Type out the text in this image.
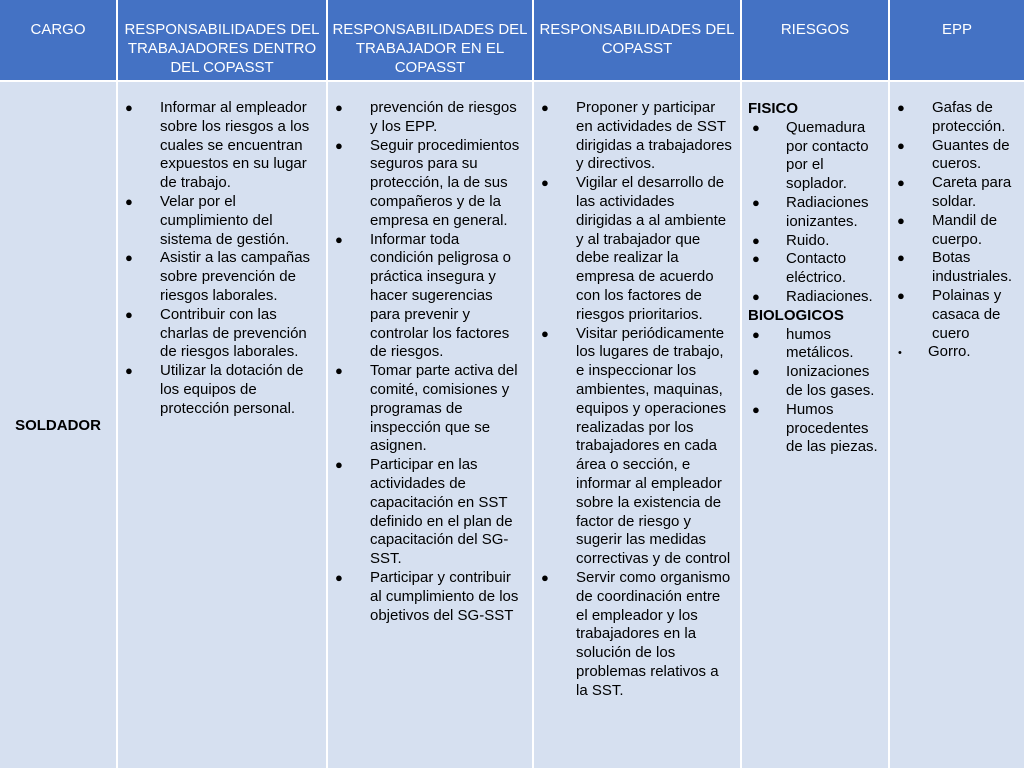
CARGO	RESPONSABILIDADES DEL TRABAJADORES DENTRO DEL COPASST
RESPONSABILIDADES DEL TRABAJADOR EN EL COPASST
RESPONSABILIDADES DEL COPASST
RIESGOS	EPP
SOLDADOR
● Informar al empleador sobre los riesgos a los cuales se encuentran expuestos en su lugar de trabajo.
● Velar por el cumplimiento del sistema de gestión.
● Asistir a las campañas sobre prevención de riesgos laborales.
● Contribuir con las charlas de prevención de riesgos laborales.
● Utilizar la dotación de los equipos de protección personal.
● prevención de riesgos y los EPP.
● Seguir procedimientos seguros para su protección, la de sus compañeros y de la empresa en general.
● Informar toda condición peligrosa o práctica insegura y hacer sugerencias para prevenir y controlar los factores de riesgos.
● Tomar parte activa del comité, comisiones y programas de inspección que se asignen.
● Participar en las actividades de capacitación en SST definido en el plan de capacitación del SG-SST.
● Participar y contribuir al cumplimiento de los objetivos del SG-SST
● Proponer y participar en actividades de SST dirigidas a trabajadores y directivos.
● Vigilar el desarrollo de las actividades dirigidas a al ambiente y al trabajador que debe realizar la empresa de acuerdo con los factores de riesgos prioritarios.
● Visitar periódicamente los lugares de trabajo, e inspeccionar los ambientes, maquinas, equipos y operaciones realizadas por los trabajadores en cada área o sección, e informar al empleador sobre la existencia de factor de riesgo y sugerir las medidas correctivas y de control
● Servir como organismo de coordinación entre el empleador y los trabajadores en la solución de los problemas relativos a la SST.
FISICO
● Quemadura por contacto por el soplador.
● Radiaciones ionizantes.
● Ruido.
● Contacto eléctrico.
● Radiaciones.
BIOLOGICOS
● humos metálicos.
● Ionizaciones de los gases.
● Humos procedentes de las piezas.
● Gafas de protección.
● Guantes de cueros.
● Careta para soldar.
● Mandil de cuerpo.
● Botas industriales.
● Polainas y casaca de cuero
• Gorro.
